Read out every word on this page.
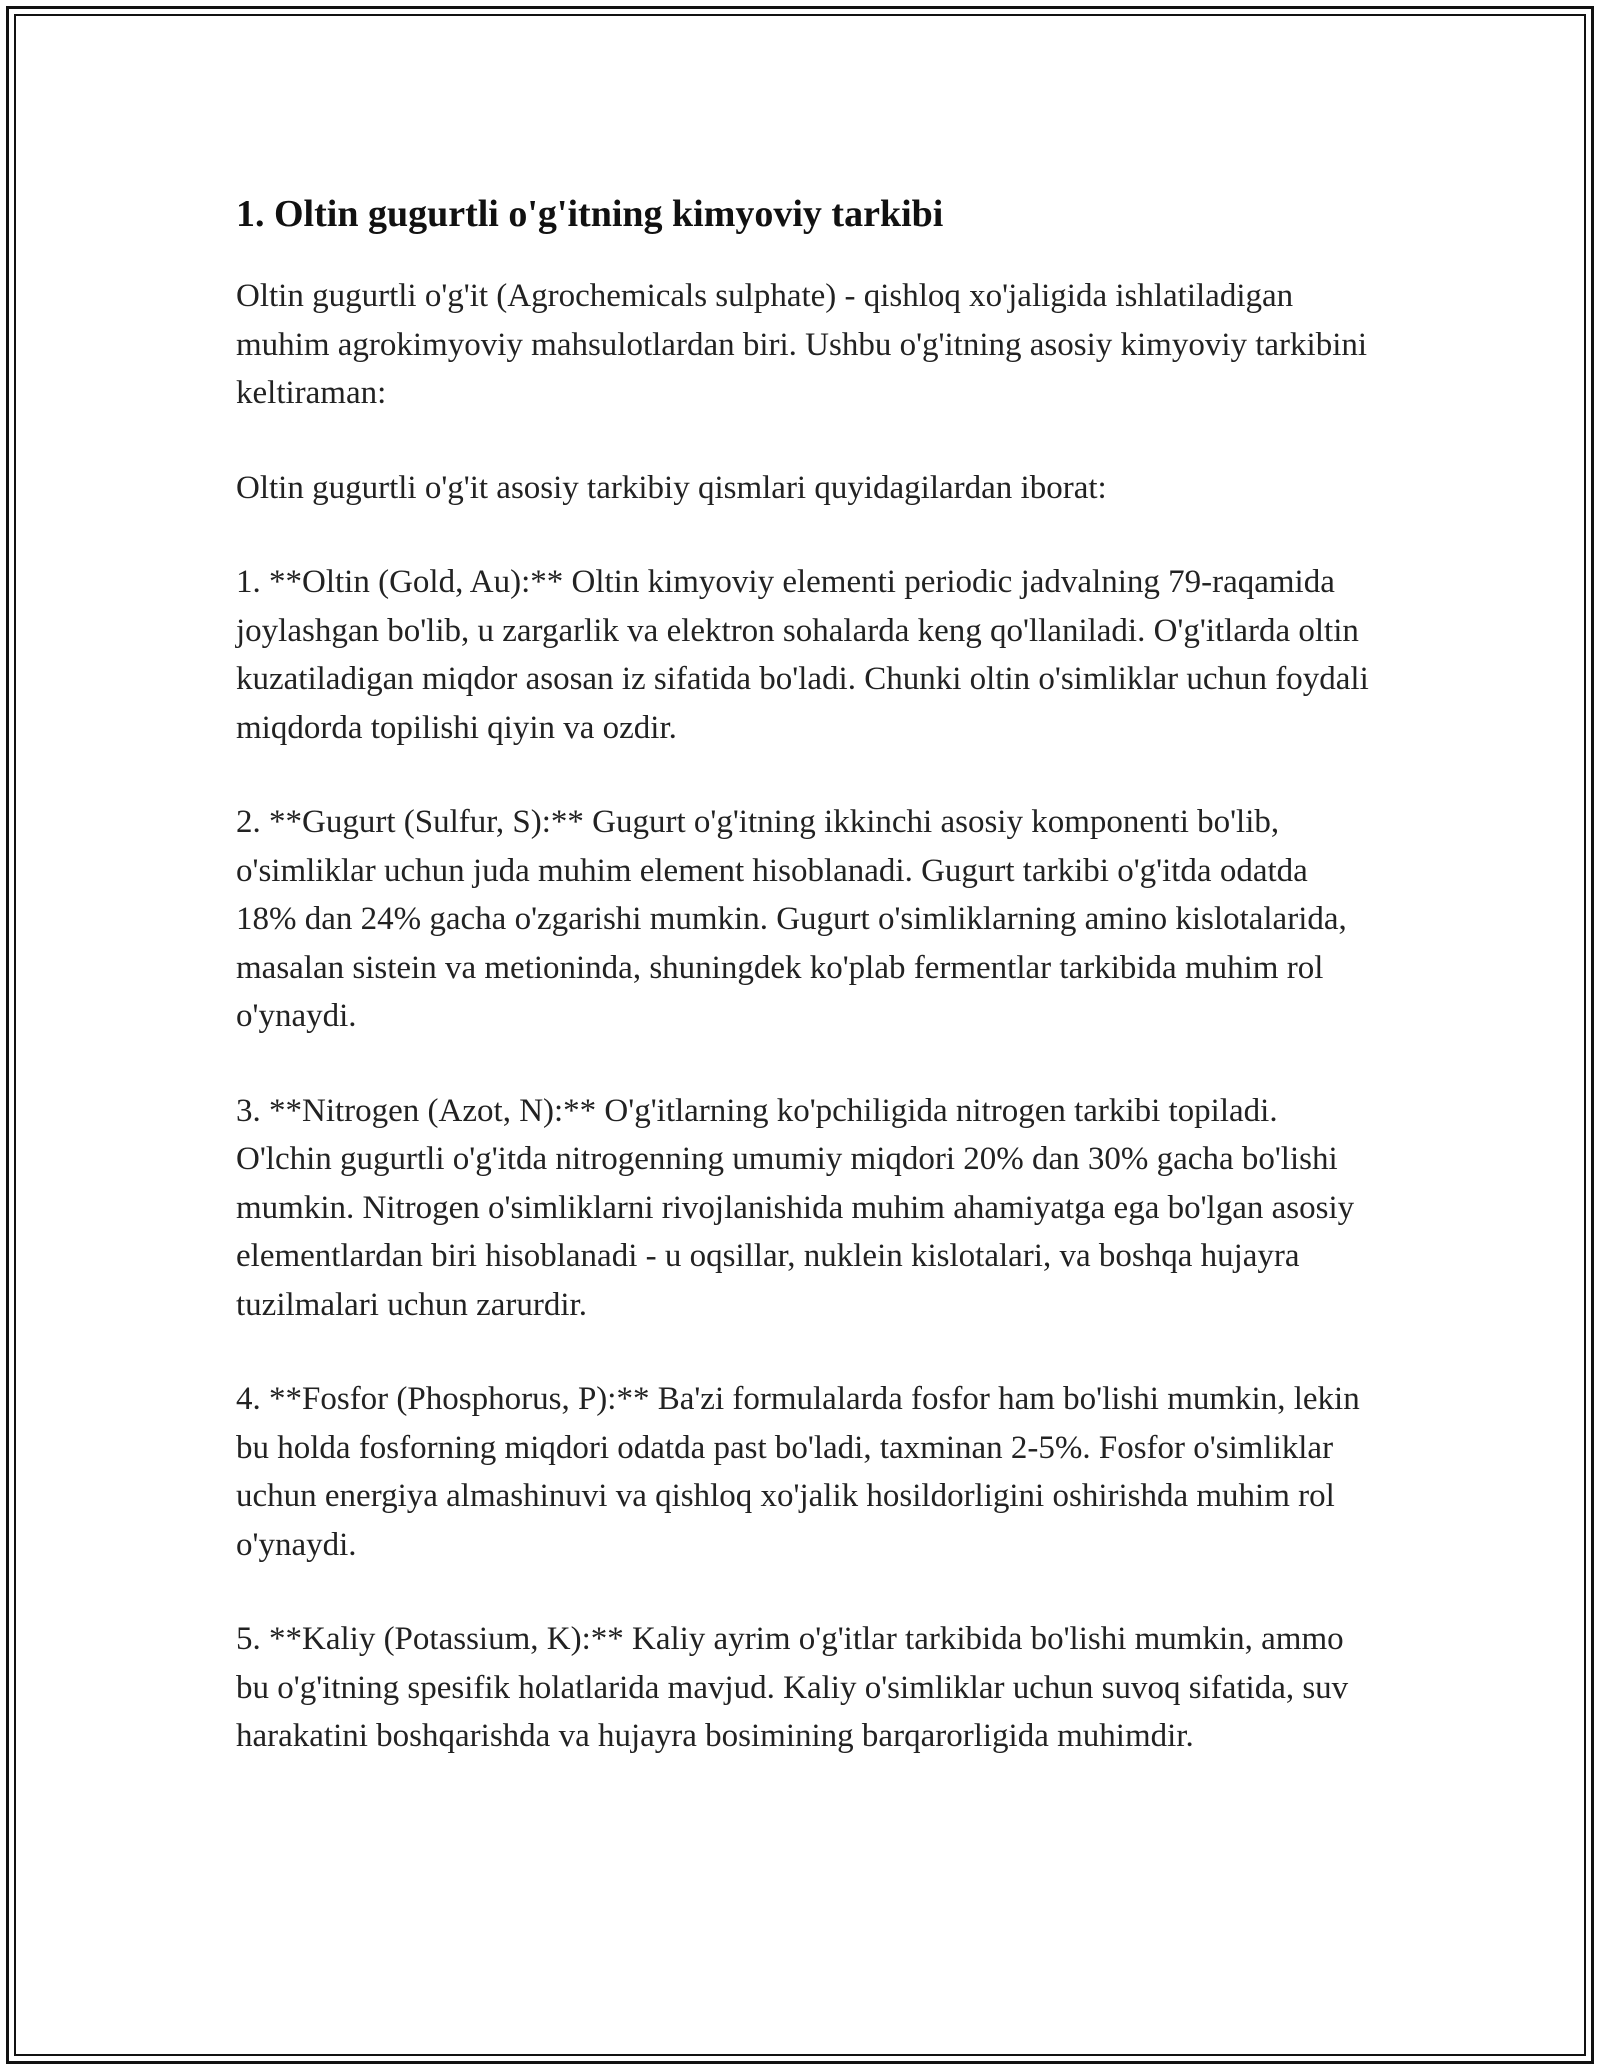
1. Oltin gugurtli o'g'itning kimyoviy tarkibi

Oltin gugurtli o'g'it (Agrochemicals sulphate) - qishloq xo'jaligida ishlatiladigan muhim agrokimyoviy mahsulotlardan biri. Ushbu o'g'itning asosiy kimyoviy tarkibini keltiraman:

Oltin gugurtli o'g'it asosiy tarkibiy qismlari quyidagilardan iborat:

1. **Oltin (Gold, Au):** Oltin kimyoviy elementi periodic jadvalning 79-raqamida joylashgan bo'lib, u zargarlik va elektron sohalarda keng qo'llaniladi. O'g'itlarda oltin kuzatiladigan miqdor asosan iz sifatida bo'ladi. Chunki oltin o'simliklar uchun foydali miqdorda topilishi qiyin va ozdir.

2. **Gugurt (Sulfur, S):** Gugurt o'g'itning ikkinchi asosiy komponenti bo'lib, o'simliklar uchun juda muhim element hisoblanadi. Gugurt tarkibi o'g'itda odatda 18% dan 24% gacha o'zgarishi mumkin. Gugurt o'simliklarning amino kislotalarida, masalan sistein va metioninda, shuningdek ko'plab fermentlar tarkibida muhim rol o'ynaydi.

3. **Nitrogen (Azot, N):** O'g'itlarning ko'pchiligida nitrogen tarkibi topiladi. O'lchin gugurtli o'g'itda nitrogenning umumiy miqdori 20% dan 30% gacha bo'lishi mumkin. Nitrogen o'simliklarni rivojlanishida muhim ahamiyatga ega bo'lgan asosiy elementlardan biri hisoblanadi - u oqsillar, nuklein kislotalari, va boshqa hujayra tuzilmalari uchun zarurdir.

4. **Fosfor (Phosphorus, P):** Ba'zi formulalarda fosfor ham bo'lishi mumkin, lekin bu holda fosforning miqdori odatda past bo'ladi, taxminan 2-5%. Fosfor o'simliklar uchun energiya almashinuvi va qishloq xo'jalik hosildorligini oshirishda muhim rol o'ynaydi.

5. **Kaliy (Potassium, K):** Kaliy ayrim o'g'itlar tarkibida bo'lishi mumkin, ammo bu o'g'itning spesifik holatlarida mavjud. Kaliy o'simliklar uchun suvoq sifatida, suv harakatini boshqarishda va hujayra bosimining barqarorligida muhimdir.
